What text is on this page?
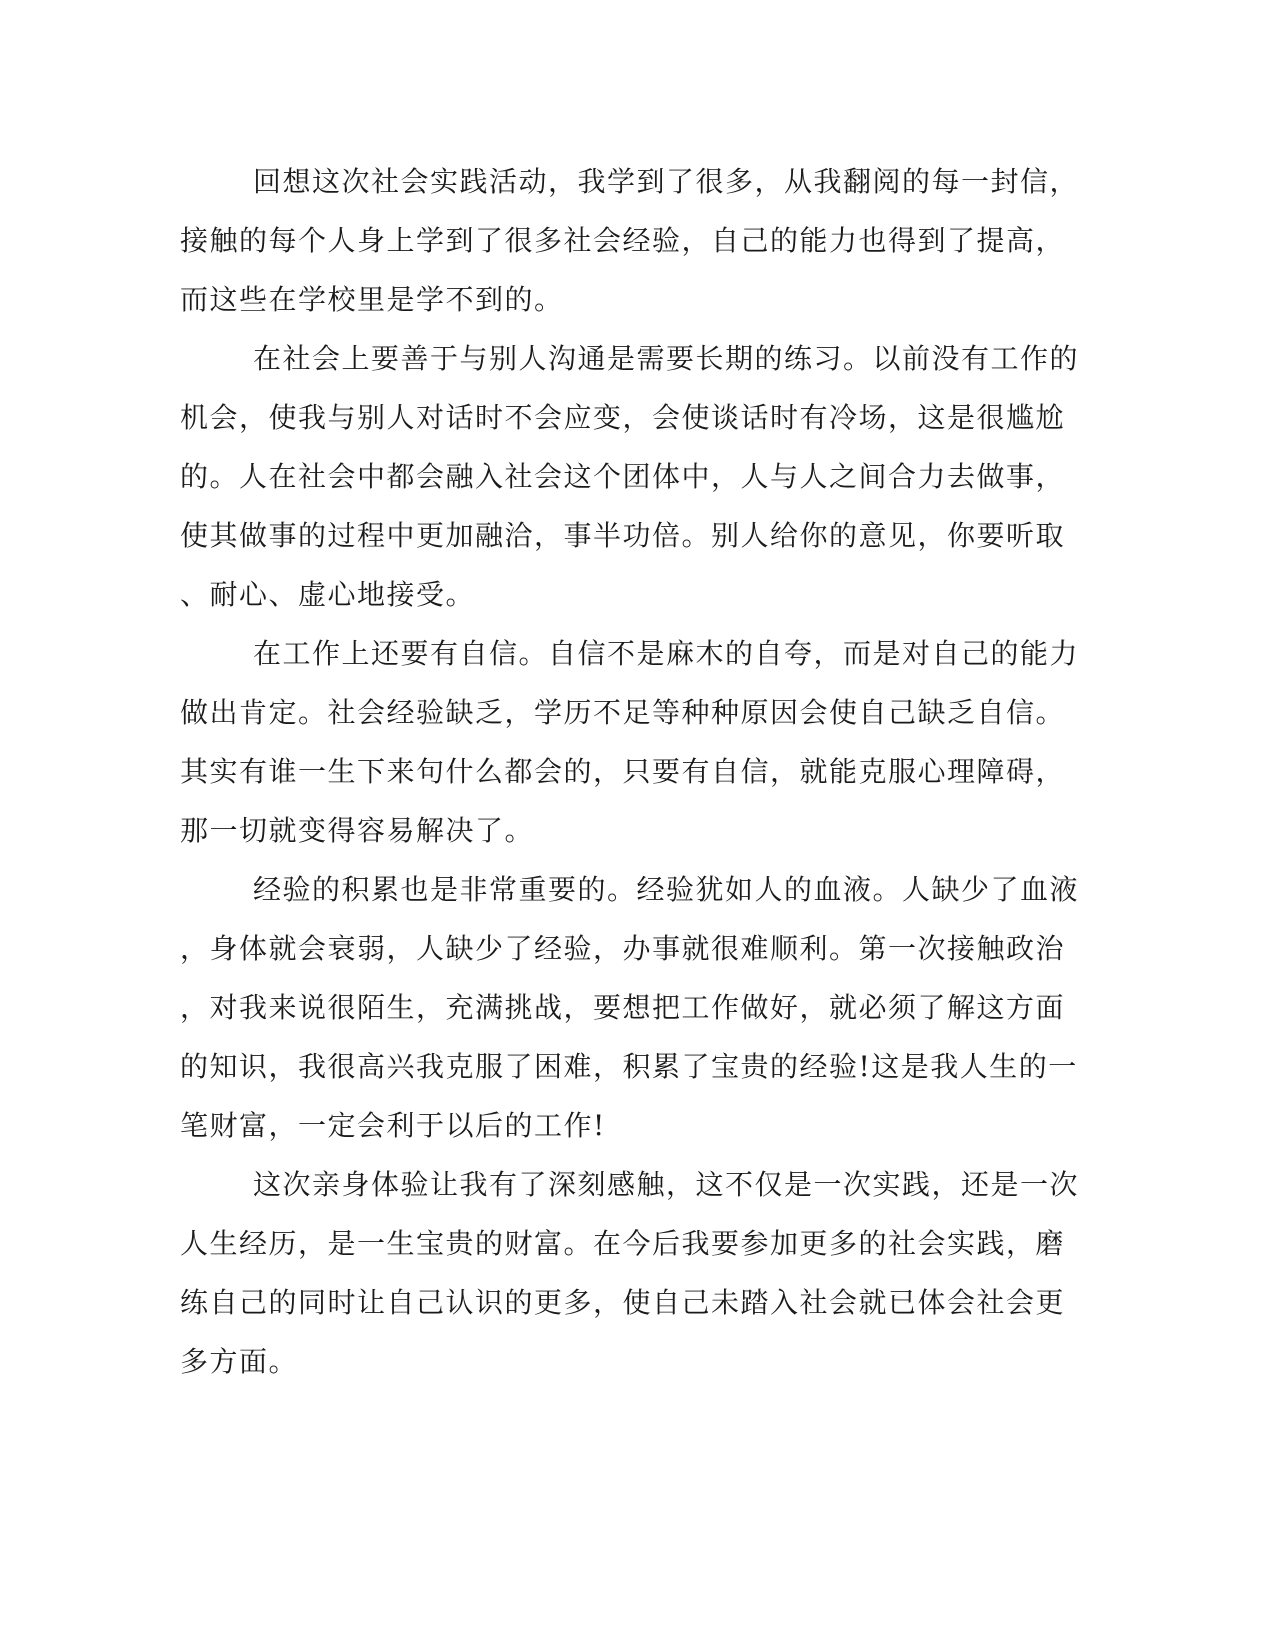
回想这次社会实践活动，我学到了很多，从我翻阅的每一封信，
接触的每个人身上学到了很多社会经验，自己的能力也得到了提高，
而这些在学校里是学不到的。
在社会上要善于与别人沟通是需要长期的练习。以前没有工作的
机会，使我与别人对话时不会应变，会使谈话时有冷场，这是很尴尬
的。人在社会中都会融入社会这个团体中，人与人之间合力去做事，
使其做事的过程中更加融洽，事半功倍。别人给你的意见，你要听取
、耐心、虚心地接受。
在工作上还要有自信。自信不是麻木的自夸，而是对自己的能力
做出肯定。社会经验缺乏，学历不足等种种原因会使自己缺乏自信。
其实有谁一生下来句什么都会的，只要有自信，就能克服心理障碍，
那一切就变得容易解决了。
经验的积累也是非常重要的。经验犹如人的血液。人缺少了血液
，身体就会衰弱，人缺少了经验，办事就很难顺利。第一次接触政治
，对我来说很陌生，充满挑战，要想把工作做好，就必须了解这方面
的知识，我很高兴我克服了困难，积累了宝贵的经验!这是我人生的一
笔财富，一定会利于以后的工作!
这次亲身体验让我有了深刻感触，这不仅是一次实践，还是一次
人生经历，是一生宝贵的财富。在今后我要参加更多的社会实践，磨
练自己的同时让自己认识的更多，使自己未踏入社会就已体会社会更
多方面。
